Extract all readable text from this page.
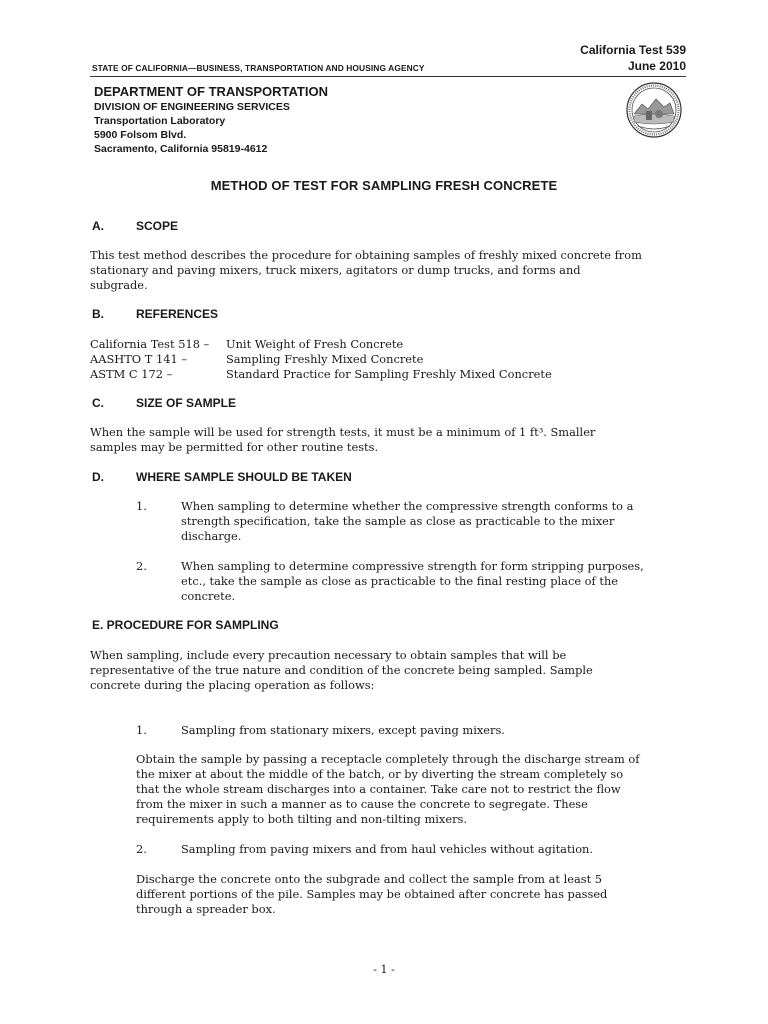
California Test 539
June 2010
STATE OF CALIFORNIA—BUSINESS, TRANSPORTATION AND HOUSING AGENCY
DEPARTMENT OF TRANSPORTATION
DIVISION OF ENGINEERING SERVICES
Transportation Laboratory
5900 Folsom Blvd.
Sacramento, California 95819-4612
METHOD OF TEST FOR SAMPLING FRESH CONCRETE
A.	SCOPE
This test method describes the procedure for obtaining samples of freshly mixed concrete from
stationary and paving mixers, truck mixers, agitators or dump trucks, and forms and
subgrade.
B.	REFERENCES
California Test 518 – Unit Weight of Fresh Concrete
AASHTO T 141 –	Sampling Freshly Mixed Concrete
ASTM C 172 –	Standard Practice for Sampling Freshly Mixed Concrete
C.	SIZE OF SAMPLE
When the sample will be used for strength tests, it must be a minimum of 1 ft³. Smaller
samples may be permitted for other routine tests.
D.	WHERE SAMPLE SHOULD BE TAKEN
1.	When sampling to determine whether the compressive strength conforms to a
strength specification, take the sample as close as practicable to the mixer
discharge.
2.	When sampling to determine compressive strength for form stripping purposes,
etc., take the sample as close as practicable to the final resting place of the
concrete.
E. PROCEDURE FOR SAMPLING
When sampling, include every precaution necessary to obtain samples that will be
representative of the true nature and condition of the concrete being sampled. Sample
concrete during the placing operation as follows:
1.	Sampling from stationary mixers, except paving mixers.
Obtain the sample by passing a receptacle completely through the discharge stream of
the mixer at about the middle of the batch, or by diverting the stream completely so
that the whole stream discharges into a container. Take care not to restrict the flow
from the mixer in such a manner as to cause the concrete to segregate. These
requirements apply to both tilting and non-tilting mixers.
2.	Sampling from paving mixers and from haul vehicles without agitation.
Discharge the concrete onto the subgrade and collect the sample from at least 5
different portions of the pile. Samples may be obtained after concrete has passed
through a spreader box.
- 1 -
